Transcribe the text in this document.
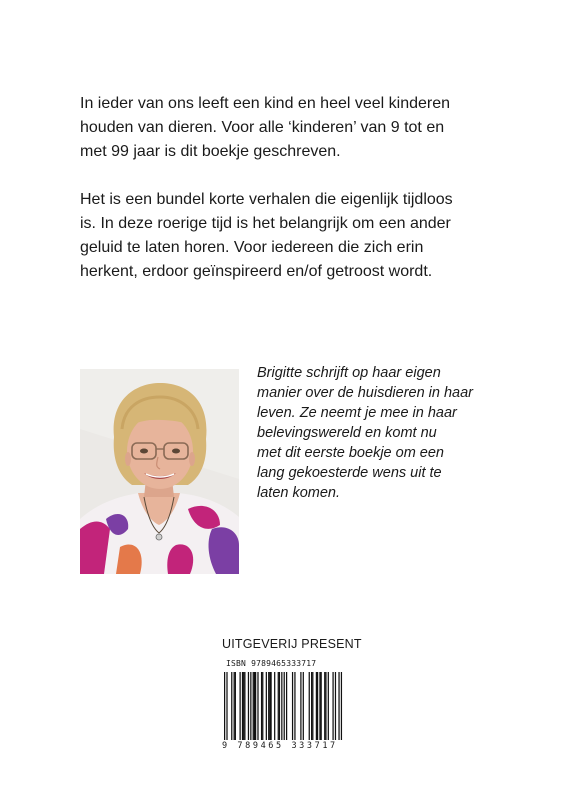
In ieder van ons leeft een kind en heel veel kinderen
houden van dieren. Voor alle ‘kinderen’ van 9 tot en
met 99 jaar is dit boekje geschreven.

Het is een bundel korte verhalen die eigenlijk tijdloos
is. In deze roerige tijd is het belangrijk om een ander
geluid te laten horen. Voor iedereen die zich erin
herkent, erdoor geïnspireerd en/of getroost wordt.

Brigitte schrijft op haar eigen
manier over de huisdieren in haar
leven. Ze neemt je mee in haar
belevingswereld en komt nu
met dit eerste boekje om een
lang gekoesterde wens uit te
laten komen.
UITGEVERIJ PRESENT
ISBN 9789465333717
9 789465 333717
